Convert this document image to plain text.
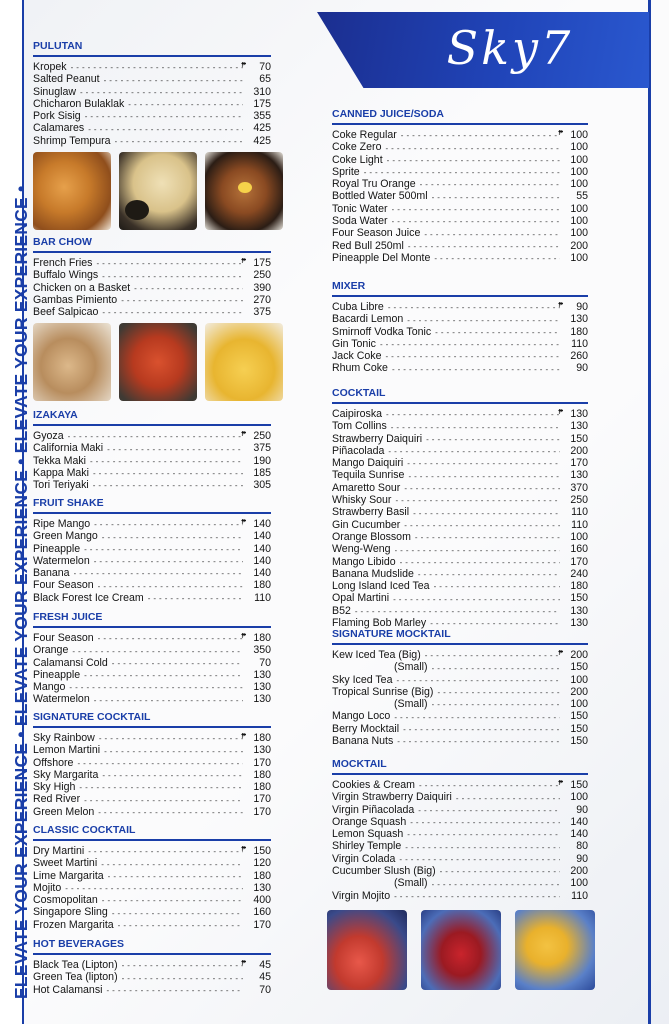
ELEVATE YOUR EXPERIENCE • ELEVATE YOUR EXPERIENCE • ELEVATE YOUR EXPERIENCE •
Sky7
PULUTAN
Kropek - - -	₱	70
Salted Peanut - - -	65
Sinuglaw - - -	310
Chicharon Bulaklak - - -	175
Pork Sisig - - -	355
Calamares - - -	425
Shrimp Tempura - - -	425
BAR CHOW
French Fries - - -	₱ 175
Buffalo Wings - - -	250
Chicken on a Basket - - -	390
Gambas Pimiento - - -	270
Beef Salpicao - - -	375
IZAKAYA
Gyoza - - -	₱ 250
California Maki - - -	375
Tekka Maki - - -	190
Kappa Maki - - -	185
Tori Teriyaki - - -	305
FRUIT SHAKE
Ripe Mango - - -	₱ 140
Green Mango - - -	140
Pineapple - - -	140
Watermelon - - -	140
Banana - - -	140
Four Season - - -	180
Black Forest Ice Cream - - -	110
FRESH JUICE
Four Season - - -	₱ 180
Orange - - -	350
Calamansi Cold - - -	70
Pineapple - - -	130
Mango - - -	130
Watermelon - - -	130
SIGNATURE COCKTAIL
Sky Rainbow - - -	₱ 180
Lemon Martini - - -	130
Offshore - - -	170
Sky Margarita - - -	180
Sky High - - -	180
Red River - - -	170
Green Melon - - -	170
CLASSIC COCKTAIL
Dry Martini - - -	₱ 150
Sweet Martini - - -	120
Lime Margarita - - -	180
Mojito - - -	130
Cosmopolitan - - -	400
Singapore Sling - - -	160
Frozen Margarita - - -	170
HOT BEVERAGES
Black Tea (Lipton) - - -	₱	45
Green Tea (lipton) - - -	45
Hot Calamansi - - -	70
CANNED JUICE/SODA
Coke Regular - - -	₱ 100
Coke Zero - - -	100
Coke Light - - -	100
Sprite - - -	100
Royal Tru Orange - - -	100
Bottled Water 500ml - - -	55
Tonic Water - - -	100
Soda Water - - -	100
Four Season Juice - - -	100
Red Bull 250ml - - -	200
Pineapple Del Monte - - -	100
MIXER
Cuba Libre - - -	₱	90
Bacardi Lemon - - -	130
Smirnoff Vodka Tonic - - -	180
Gin Tonic - - -	110
Jack Coke - - -	260
Rhum Coke - - -	90
COCKTAIL
Caipiroska - - -	₱ 130
Tom Collins - - -	130
Strawberry Daiquiri - - -	150
Piñacolada - - -	200
Mango Daiquiri - - -	170
Tequila Sunrise - - -	130
Amaretto Sour - - -	370
Whisky Sour - - -	250
Strawberry Basil - - -	110
Gin Cucumber - - -	110
Orange Blossom - - -	100
Weng-Weng - - -	160
Mango Libido - - -	170
Banana Mudslide - - -	240
Long Island Iced Tea - - -	180
Opal Martini - - -	150
B52 - - -	130
Flaming Bob Marley - - -	130
SIGNATURE MOCKTAIL
Kew Iced Tea (Big) - - -	₱ 200
(Small) - - -	150
Sky Iced Tea - - -	100
Tropical Sunrise (Big) - - -	200
(Small) - - -	100
Mango Loco - - -	150
Berry Mocktail - - -	150
Banana Nuts - - -	150
MOCKTAIL
Cookies & Cream - - -	₱ 150
Virgin Strawberry Daiquiri - - -	100
Virgin Piñacolada - - -	90
Orange Squash - - -	140
Lemon Squash - - -	140
Shirley Temple - - -	80
Virgin Colada - - -	90
Cucumber Slush (Big) - - -	200
(Small) - - -	100
Virgin Mojito - - -	110
